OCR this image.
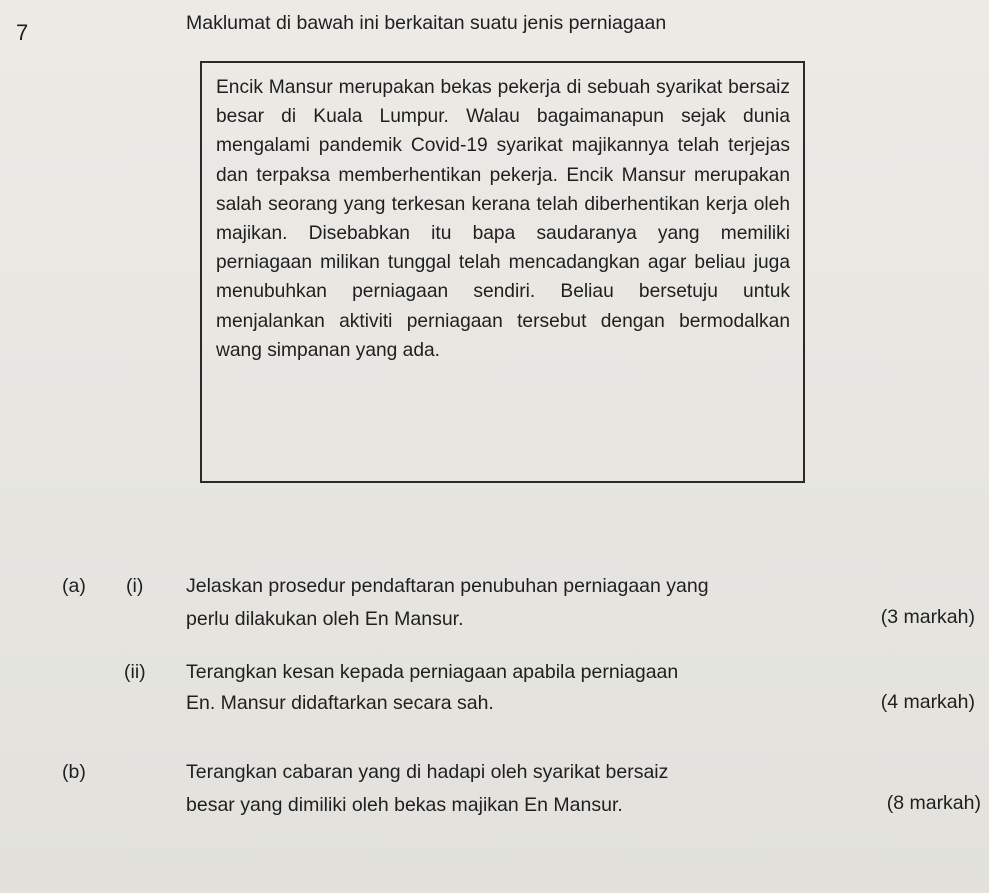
7	Maklumat di bawah ini berkaitan suatu jenis perniagaan
Encik Mansur merupakan bekas pekerja di sebuah syarikat bersaiz besar di Kuala Lumpur. Walau bagaimanapun sejak dunia mengalami pandemik Covid-19 syarikat majikannya telah terjejas dan terpaksa memberhentikan pekerja. Encik Mansur merupakan salah seorang yang terkesan kerana telah diberhentikan kerja oleh majikan. Disebabkan itu bapa saudaranya yang memiliki perniagaan milikan tunggal telah mencadangkan agar beliau juga menubuhkan perniagaan sendiri. Beliau bersetuju untuk menjalankan aktiviti perniagaan tersebut dengan bermodalkan wang simpanan yang ada.
(a) (i) Jelaskan prosedur pendaftaran penubuhan perniagaan yang
perlu dilakukan oleh En Mansur.	(3 markah)
(ii) Terangkan kesan kepada perniagaan apabila perniagaan
En. Mansur didaftarkan secara sah.	(4 markah)
(b)	Terangkan cabaran yang di hadapi oleh syarikat bersaiz
besar yang dimiliki oleh bekas majikan En Mansur.	(8 markah)
